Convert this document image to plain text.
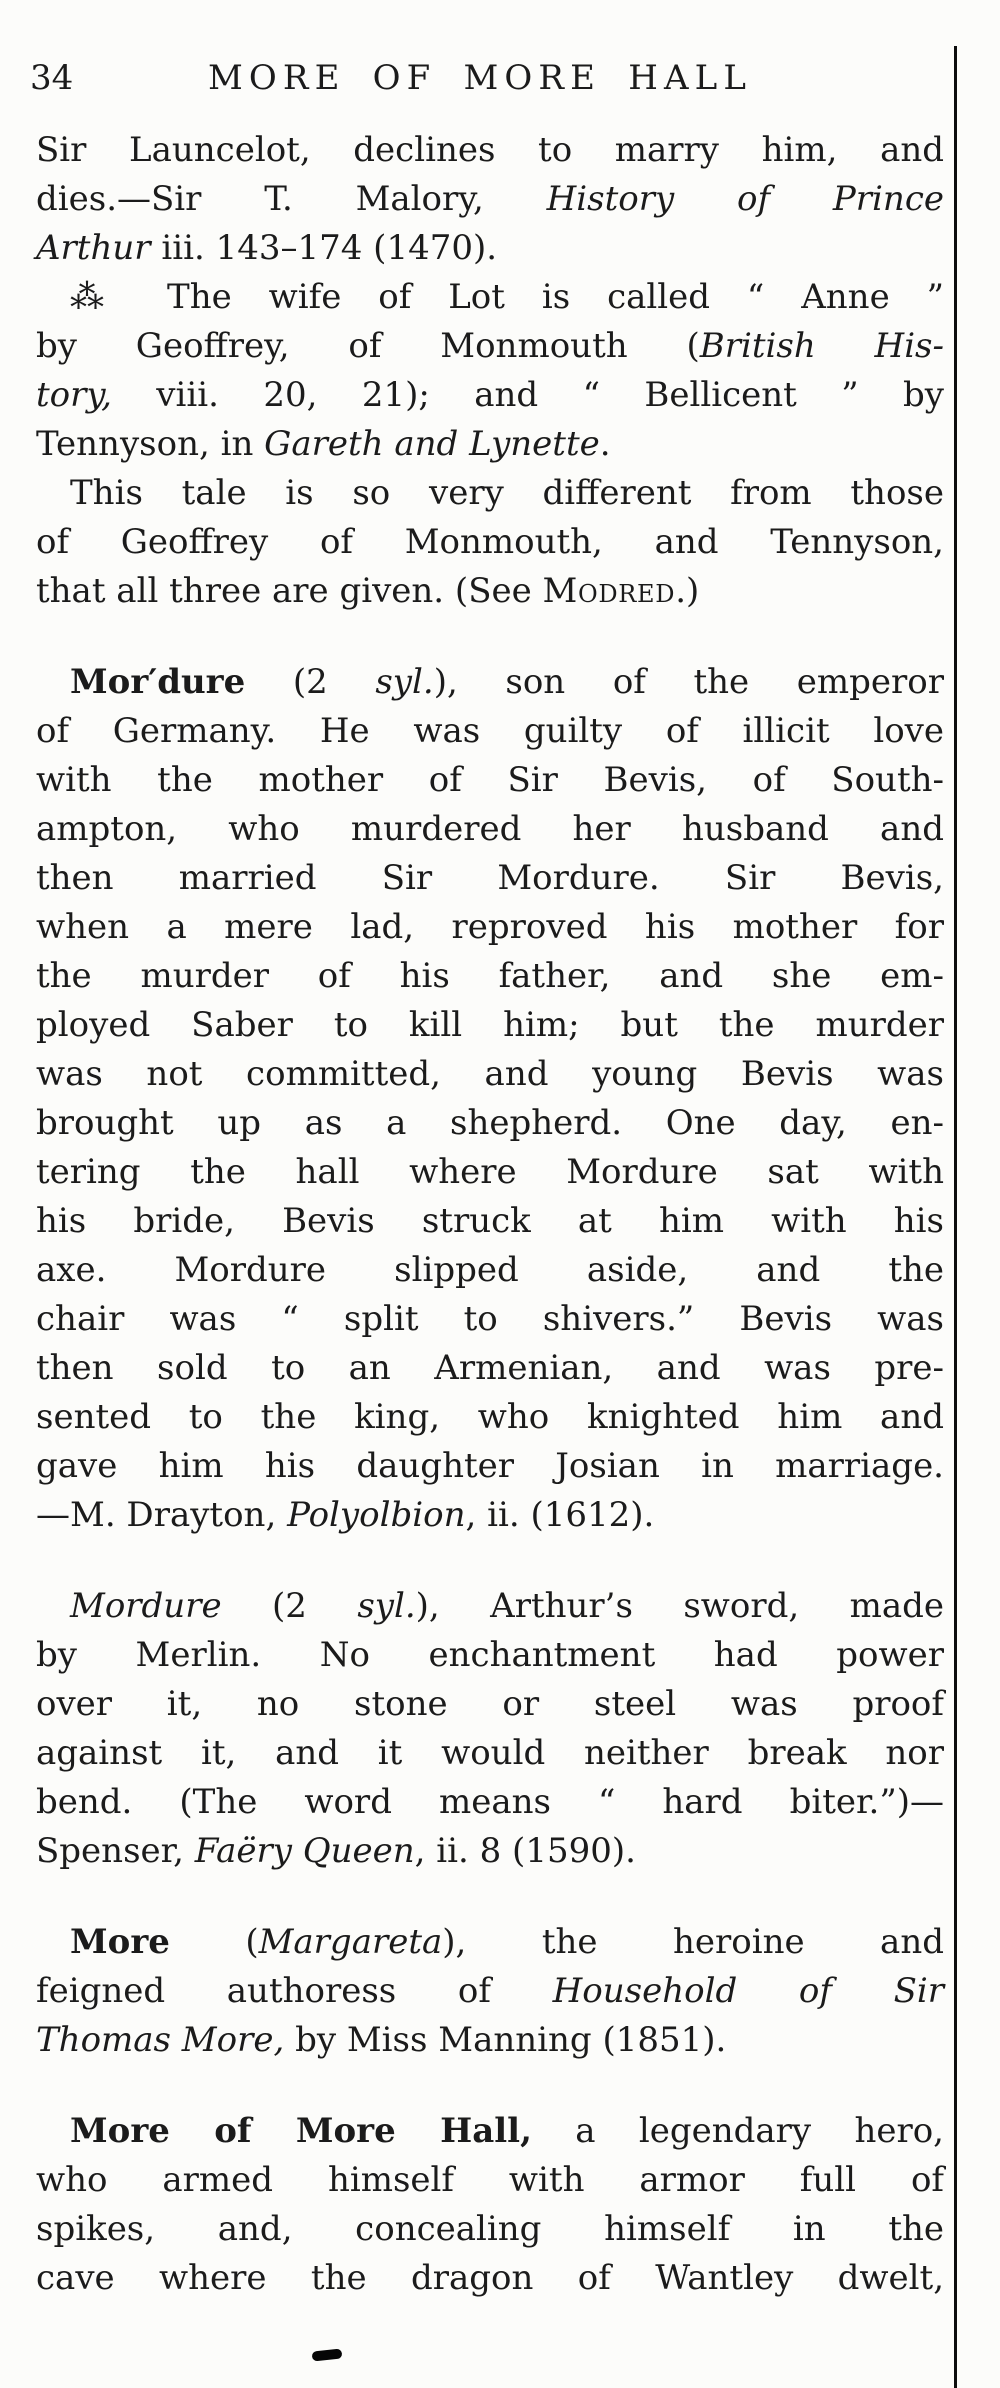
34	MORE OF MORE HALL
Sir Launcelot, declines to marry him, and
dies.—Sir T. Malory, History of Prince
Arthur iii. 143–174 (1470).
⁂ The wife of Lot is called “ Anne ”
by Geoffrey, of Monmouth (British His-
tory, viii. 20, 21); and “ Bellicent ” by
Tennyson, in Gareth and Lynette.
This tale is so very different from those
of Geoffrey of Monmouth, and Tennyson,
that all three are given. (See Modred.)
Mor′dure (2 syl.), son of the emperor
of Germany. He was guilty of illicit love
with the mother of Sir Bevis, of South-
ampton, who murdered her husband and
then married Sir Mordure. Sir Bevis,
when a mere lad, reproved his mother for
the murder of his father, and she em-
ployed Saber to kill him; but the murder
was not committed, and young Bevis was
brought up as a shepherd. One day, en-
tering the hall where Mordure sat with
his bride, Bevis struck at him with his
axe. Mordure slipped aside, and the
chair was “ split to shivers.” Bevis was
then sold to an Armenian, and was pre-
sented to the king, who knighted him and
gave him his daughter Josian in marriage.
—M. Drayton, Polyolbion, ii. (1612).
Mordure (2 syl.), Arthur’s sword, made
by Merlin. No enchantment had power
over it, no stone or steel was proof
against it, and it would neither break nor
bend. (The word means “ hard biter.”)—
Spenser, Faëry Queen, ii. 8 (1590).
More (Margareta), the heroine and
feigned authoress of Household of Sir
Thomas More, by Miss Manning (1851).
More of More Hall, a legendary hero,
who armed himself with armor full of
spikes, and, concealing himself in the
cave where the dragon of Wantley dwelt,
